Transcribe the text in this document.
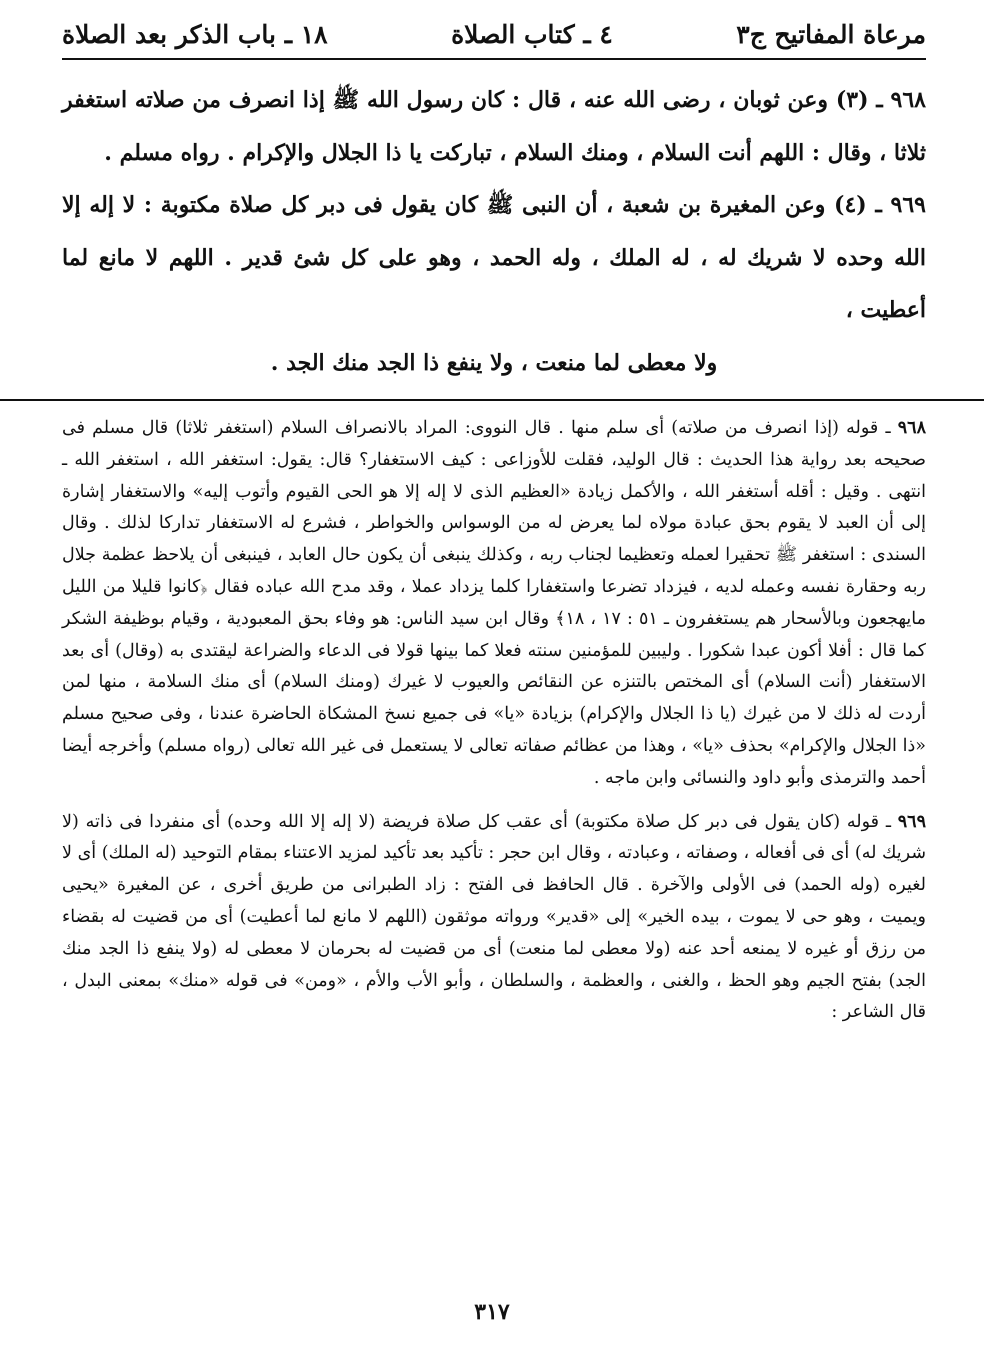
مرعاة المفاتيح ج٣
٤ ـ كتاب الصلاة
١٨ ـ باب الذكر بعد الصلاة

٩٦٨ ـ (٣) وعن ثوبان ، رضى الله عنه ، قال : كان رسول الله ﷺ إذا انصرف من صلاته استغفر ثلاثا ، وقال : اللهم أنت السلام ، ومنك السلام ، تباركت يا ذا الجلال والإكرام . رواه مسلم .

٩٦٩ ـ (٤) وعن المغيرة بن شعبة ، أن النبى ﷺ كان يقول فى دبر كل صلاة مكتوبة : لا إله إلا الله وحده لا شريك له ، له الملك ، وله الحمد ، وهو على كل شئ قدير . اللهم لا مانع لما أعطيت ،

ولا معطى لما منعت ، ولا ينفع ذا الجد منك الجد .

٩٦٨ ـ قوله (إذا انصرف من صلاته) أى سلم منها . قال النووى: المراد بالانصراف السلام (استغفر ثلاثا) قال مسلم فى صحيحه بعد رواية هذا الحديث : قال الوليد، فقلت للأوزاعى : كيف الاستغفار؟ قال: يقول: استغفر الله ، استغفر الله ـ انتهى . وقيل : أقله أستغفر الله ، والأكمل زيادة «العظيم الذى لا إله إلا هو الحى القيوم وأتوب إليه» والاستغفار إشارة إلى أن العبد لا يقوم بحق عبادة مولاه لما يعرض له من الوسواس والخواطر ، فشرع له الاستغفار تداركا لذلك . وقال السندى : استغفر ﷺ تحقيرا لعمله وتعظيما لجناب ربه ، وكذلك ينبغى أن يكون حال العابد ، فينبغى أن يلاحظ عظمة جلال ربه وحقارة نفسه وعمله لديه ، فيزداد تضرعا واستغفارا كلما يزداد عملا ، وقد مدح الله عباده فقال ﴿كانوا قليلا من الليل مايهجعون وبالأسحار هم يستغفرون ـ ٥١ : ١٧ ، ١٨﴾ وقال ابن سيد الناس: هو وفاء بحق المعبودية ، وقيام بوظيفة الشكر كما قال : أفلا أكون عبدا شكورا . وليبين للمؤمنين سنته فعلا كما بينها قولا فى الدعاء والضراعة ليقتدى به (وقال) أى بعد الاستغفار (أنت السلام) أى المختص بالتنزه عن النقائص والعيوب لا غيرك (ومنك السلام) أى منك السلامة ، منها لمن أردت له ذلك لا من غيرك (يا ذا الجلال والإكرام) بزيادة «يا» فى جميع نسخ المشكاة الحاضرة عندنا ، وفى صحيح مسلم «ذا الجلال والإكرام» بحذف «يا» ، وهذا من عظائم صفاته تعالى لا يستعمل فى غير الله تعالى (رواه مسلم) وأخرجه أيضا أحمد والترمذى وأبو داود والنسائى وابن ماجه .

٩٦٩ ـ قوله (كان يقول فى دبر كل صلاة مكتوبة) أى عقب كل صلاة فريضة (لا إله إلا الله وحده) أى منفردا فى ذاته (لا شريك له) أى فى أفعاله ، وصفاته ، وعبادته ، وقال ابن حجر : تأكيد بعد تأكيد لمزيد الاعتناء بمقام التوحيد (له الملك) أى لا لغيره (وله الحمد) فى الأولى والآخرة . قال الحافظ فى الفتح : زاد الطبرانى من طريق أخرى ، عن المغيرة «يحيى ويميت ، وهو حى لا يموت ، بيده الخير» إلى «قدير» ورواته موثقون (اللهم لا مانع لما أعطيت) أى من قضيت له بقضاء من رزق أو غيره لا يمنعه أحد عنه (ولا معطى لما منعت) أى من قضيت له بحرمان لا معطى له (ولا ينفع ذا الجد منك الجد) بفتح الجيم وهو الحظ ، والغنى ، والعظمة ، والسلطان ، وأبو الأب والأم ، «ومن» فى قوله «منك» بمعنى البدل ، قال الشاعر :

٣١٧
